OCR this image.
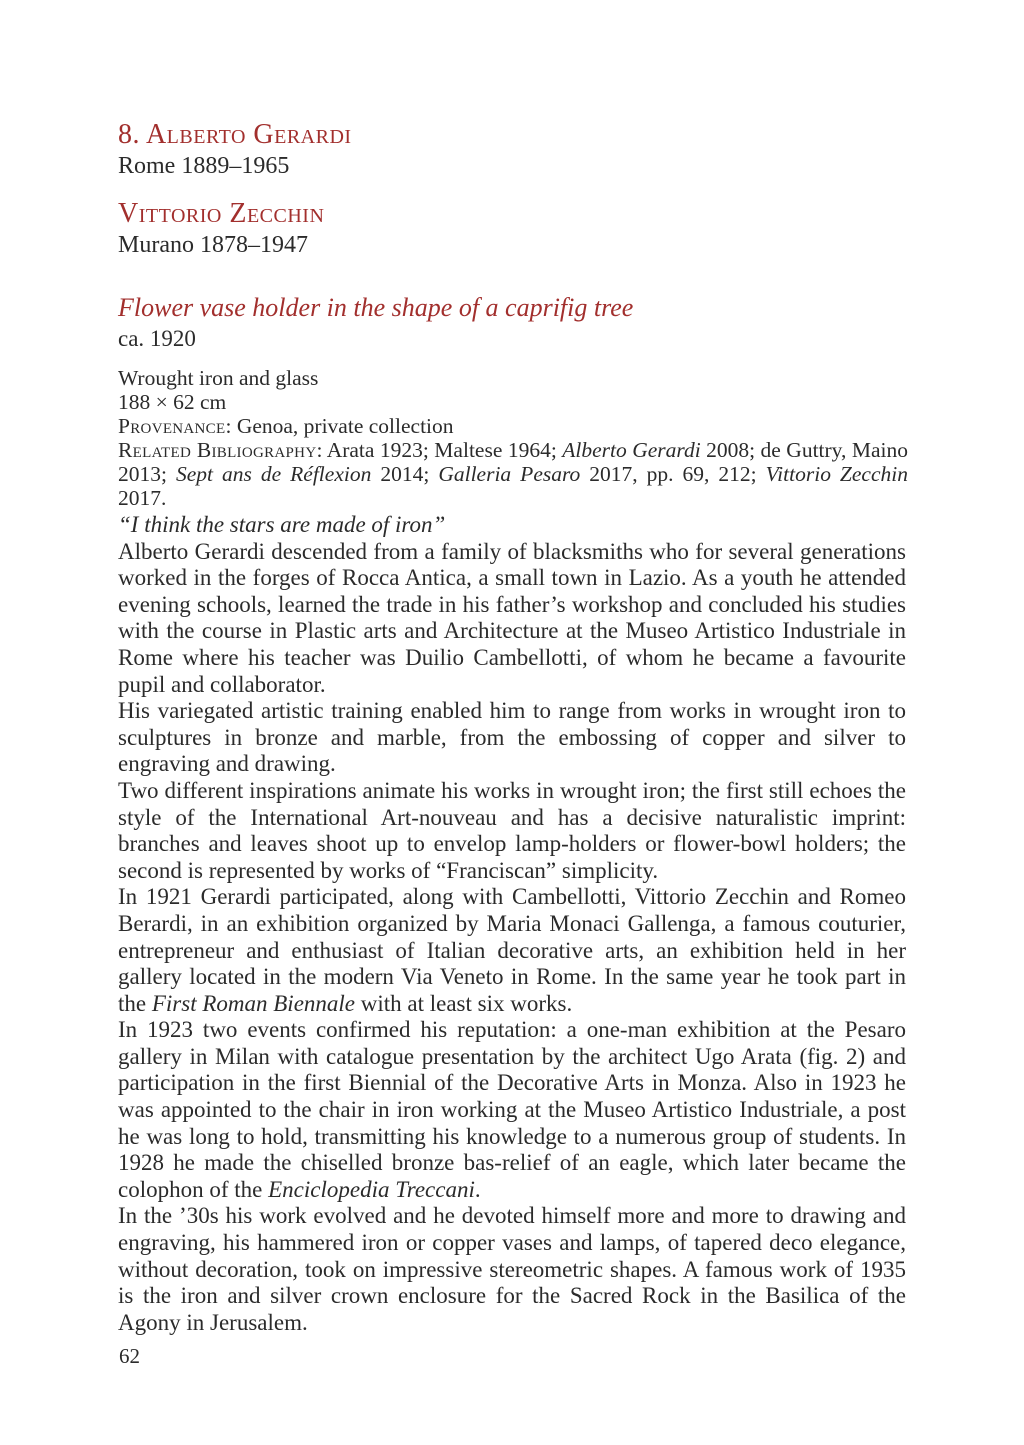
8. Alberto Gerardi

Rome 1889–1965

Vittorio Zecchin

Murano 1878–1947

Flower vase holder in the shape of a caprifig tree

ca. 1920

Wrought iron and glass

188 × 62 cm

Provenance: Genoa, private collection

Related Bibliography: Arata 1923; Maltese 1964; Alberto Gerardi 2008; de Guttry, Maino 2013; Sept ans de Réflexion 2014; Galleria Pesaro 2017, pp. 69, 212; Vittorio Zecchin 2017.

“I think the stars are made of iron”

Alberto Gerardi descended from a family of blacksmiths who for several generations worked in the forges of Rocca Antica, a small town in Lazio. As a youth he attended evening schools, learned the trade in his father’s workshop and concluded his studies with the course in Plastic arts and Architecture at the Museo Artistico Industriale in Rome where his teacher was Duilio Cambellotti, of whom he became a favourite pupil and collaborator.

His variegated artistic training enabled him to range from works in wrought iron to sculptures in bronze and marble, from the embossing of copper and silver to engraving and drawing.

Two different inspirations animate his works in wrought iron; the first still echoes the style of the International Art-nouveau and has a decisive naturalistic imprint: branches and leaves shoot up to envelop lamp-holders or flower-bowl holders; the second is represented by works of “Franciscan” simplicity.

In 1921 Gerardi participated, along with Cambellotti, Vittorio Zecchin and Romeo Berardi, in an exhibition organized by Maria Monaci Gallenga, a famous couturier, entrepreneur and enthusiast of Italian decorative arts, an exhibition held in her gallery located in the modern Via Veneto in Rome. In the same year he took part in the First Roman Biennale with at least six works.

In 1923 two events confirmed his reputation: a one-man exhibition at the Pesaro gallery in Milan with catalogue presentation by the architect Ugo Arata (fig. 2) and participation in the first Biennial of the Decorative Arts in Monza. Also in 1923 he was appointed to the chair in iron working at the Museo Artistico Industriale, a post he was long to hold, transmitting his knowledge to a numerous group of students. In 1928 he made the chiselled bronze bas-relief of an eagle, which later became the colophon of the Enciclopedia Treccani.

In the ’30s his work evolved and he devoted himself more and more to drawing and engraving, his hammered iron or copper vases and lamps, of tapered deco elegance, without decoration, took on impressive stereometric shapes. A famous work of 1935 is the iron and silver crown enclosure for the Sacred Rock in the Basilica of the Agony in Jerusalem.

62
